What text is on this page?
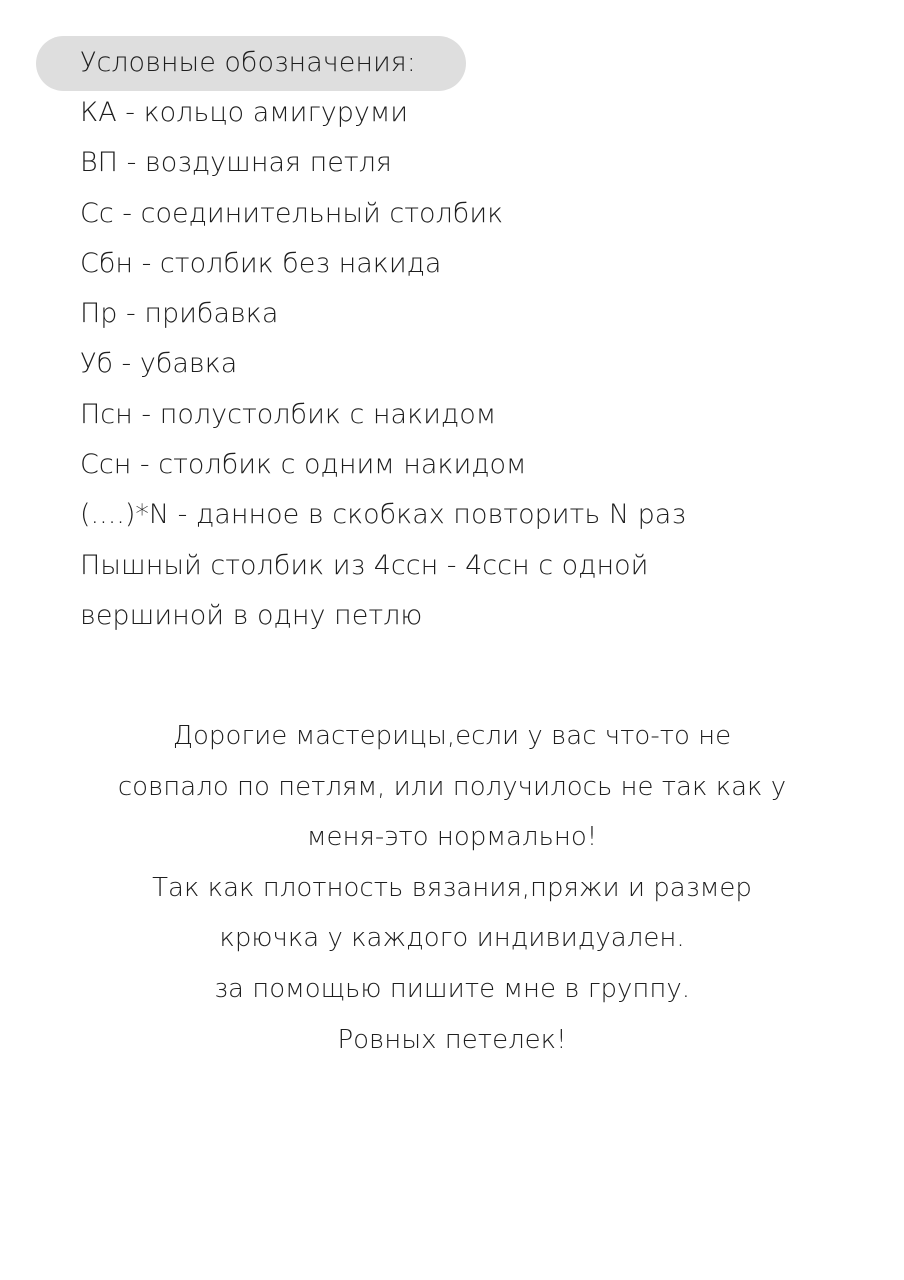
Условные обозначения:
КА - кольцо амигуруми
ВП - воздушная петля
Сс - соединительный столбик
Сбн - столбик без накида
Пр - прибавка
Уб - убавка
Псн - полустолбик с накидом
Ссн - столбик с одним накидом
(....)*N - данное в скобках повторить N раз
Пышный столбик из 4ссн - 4ссн с одной
вершиной в одну петлю
Дорогие мастерицы,если у вас что-то не
совпало по петлям, или получилось не так как у
меня-это нормально!
Так как плотность вязания,пряжи и размер
крючка у каждого индивидуален.
за помощью пишите мне в группу.
Ровных петелек!
